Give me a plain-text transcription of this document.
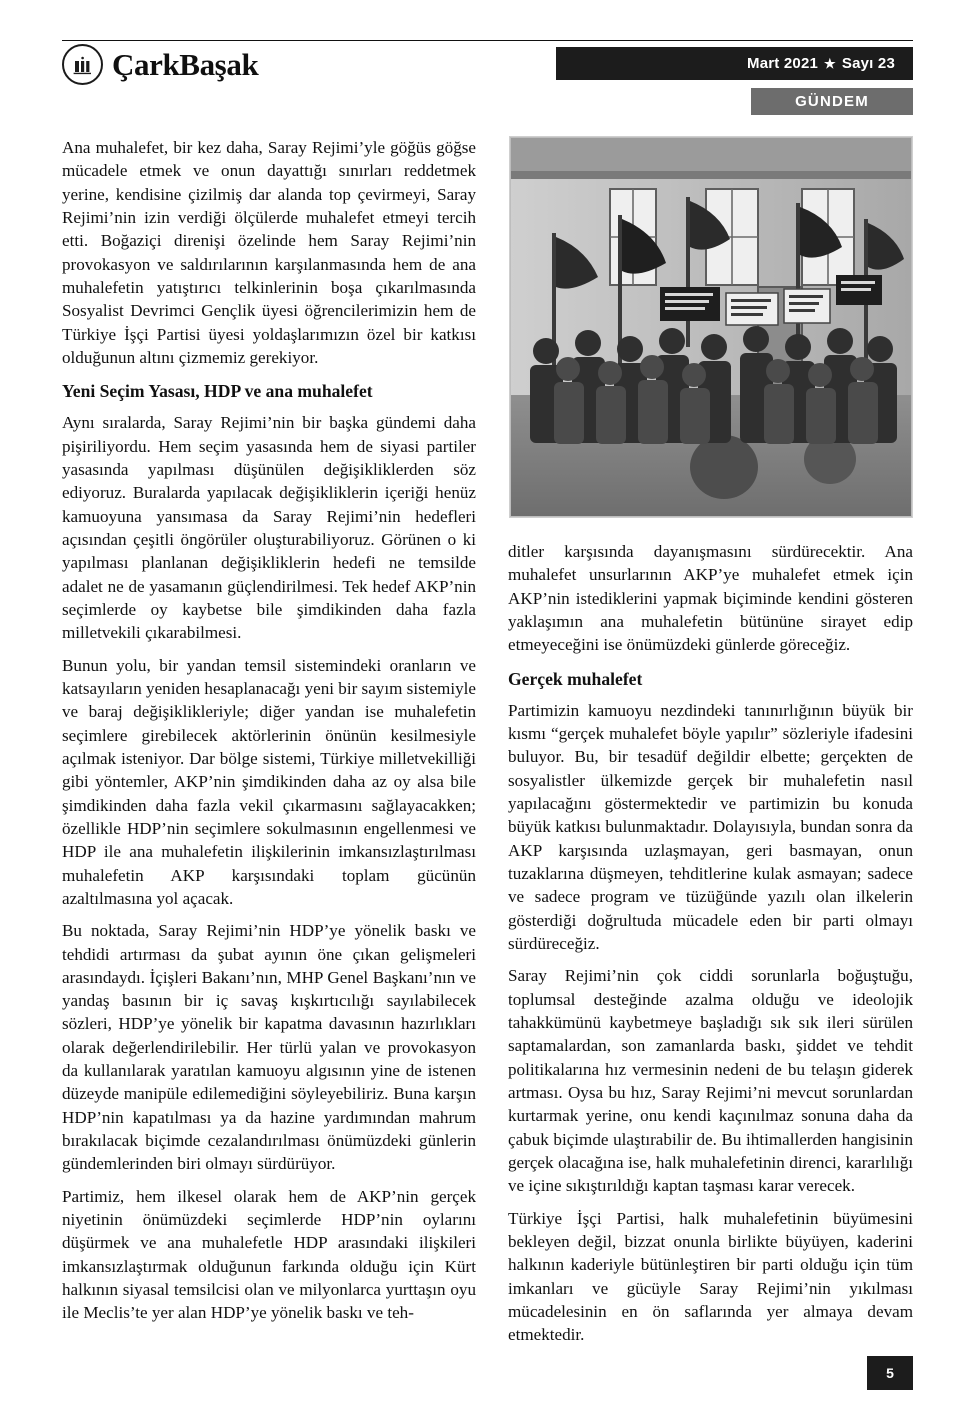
ÇarkBaşak	Mart 2021 ★ Sayı 23
GÜNDEM

Ana muhalefet, bir kez daha, Saray Rejimi’yle göğüs göğse mücadele etmek ve onun dayattığı sınırları reddetmek yerine, kendisine çizilmiş dar alanda top çevirmeyi, Saray Rejimi’nin izin verdiği ölçülerde muhalefet etmeyi tercih etti. Boğaziçi direnişi özelinde hem Saray Rejimi’nin provokasyon ve saldırılarının karşılanmasında hem de ana muhalefetin yatıştırıcı telkinlerinin boşa çıkarılmasında Sosyalist Devrimci Gençlik üyesi öğrencilerimizin hem de Türkiye İşçi Partisi üyesi yoldaşlarımızın özel bir katkısı olduğunun altını çizmemiz gerekiyor.

Yeni Seçim Yasası, HDP ve ana muhalefet

Aynı sıralarda, Saray Rejimi’nin bir başka gündemi daha pişiriliyordu. Hem seçim yasasında hem de siyasi partiler yasasında yapılması düşünülen değişikliklerden söz ediyoruz. Buralarda yapılacak değişikliklerin içeriği henüz kamuoyuna yansımasa da Saray Rejimi’nin hedefleri açısından çeşitli öngörüler oluşturabiliyoruz. Görünen o ki yapılması planlanan değişikliklerin hedefi ne temsilde adalet ne de yasamanın güçlendirilmesi. Tek hedef AKP’nin seçimlerde oy kaybetse bile şimdikinden daha fazla milletvekili çıkarabilmesi.

Bunun yolu, bir yandan temsil sistemindeki oranların ve katsayıların yeniden hesaplanacağı yeni bir sayım sistemiyle ve baraj değişiklikleriyle; diğer yandan ise muhalefetin seçimlere girebilecek aktörlerinin önünün kesilmesiyle açılmak isteniyor. Dar bölge sistemi, Türkiye milletvekilliği gibi yöntemler, AKP’nin şimdikinden daha az oy alsa bile şimdikinden daha fazla vekil çıkarmasını sağlayacakken; özellikle HDP’nin seçimlere sokulmasının engellenmesi ve HDP ile ana muhalefetin ilişkilerinin imkansızlaştırılması muhalefetin AKP karşısındaki toplam gücünün azaltılmasına yol açacak.

Bu noktada, Saray Rejimi’nin HDP’ye yönelik baskı ve tehdidi artırması da şubat ayının öne çıkan gelişmeleri arasındaydı. İçişleri Bakanı’nın, MHP Genel Başkanı’nın ve yandaş basının bir iç savaş kışkırtıcılığı sayılabilecek sözleri, HDP’ye yönelik bir kapatma davasının hazırlıkları olarak değerlendirilebilir. Her türlü yalan ve provokasyon da kullanılarak yaratılan kamuoyu algısının yine de istenen düzeyde manipüle edilemediğini söyleyebiliriz. Buna karşın HDP’nin kapatılması ya da hazine yardımından mahrum bırakılacak biçimde cezalandırılması önümüzdeki günlerin gündemlerinden biri olmayı sürdürüyor.

Partimiz, hem ilkesel olarak hem de AKP’nin gerçek niyetinin önümüzdeki seçimlerde HDP’nin oylarını düşürmek ve ana muhalefetle HDP arasındaki ilişkileri imkansızlaştırmak olduğunun farkında olduğu için Kürt halkının siyasal temsilcisi olan ve milyonlarca yurttaşın oyu ile Meclis’te yer alan HDP’ye yönelik baskı ve teh-

ditler karşısında dayanışmasını sürdürecektir. Ana muhalefet unsurlarının AKP’ye muhalefet etmek için AKP’nin istediklerini yapmak biçiminde kendini gösteren yaklaşımın ana muhalefetin bütününe sirayet edip etmeyeceğini ise önümüzdeki günlerde göreceğiz.

Gerçek muhalefet

Partimizin kamuoyu nezdindeki tanınırlığının büyük bir kısmı “gerçek muhalefet böyle yapılır” sözleriyle ifadesini buluyor. Bu, bir tesadüf değildir elbette; gerçekten de sosyalistler ülkemizde gerçek bir muhalefetin nasıl yapılacağını göstermektedir ve partimizin bu konuda büyük katkısı bulunmaktadır. Dolayısıyla, bundan sonra da AKP karşısında uzlaşmayan, geri basmayan, onun tuzaklarına düşmeyen, tehditlerine kulak asmayan; sadece ve sadece program ve tüzüğünde yazılı olan ilkelerin gösterdiği doğrultuda mücadele eden bir parti olmayı sürdüreceğiz.

Saray Rejimi’nin çok ciddi sorunlarla boğuştuğu, toplumsal desteğinde azalma olduğu ve ideolojik tahakkümünü kaybetmeye başladığı sık sık ileri sürülen saptamalardan, son zamanlarda baskı, şiddet ve tehdit politikalarına hız vermesinin nedeni de bu telaşın giderek artması. Oysa bu hız, Saray Rejimi’ni mevcut sorunlardan kurtarmak yerine, onu kendi kaçınılmaz sonuna daha da çabuk biçimde ulaştırabilir de. Bu ihtimallerden hangisinin gerçek olacağına ise, halk muhalefetinin direnci, kararlılığı ve içine sıkıştırıldığı kaptan taşması karar verecek.

Türkiye İşçi Partisi, halk muhalefetinin büyümesini bekleyen değil, bizzat onunla birlikte büyüyen, kaderini halkının kaderiyle bütünleştiren bir parti olduğu için tüm imkanları ve gücüyle Saray Rejimi’nin yıkılması mücadelesinin en ön saflarında yer almaya devam etmektedir.

5
